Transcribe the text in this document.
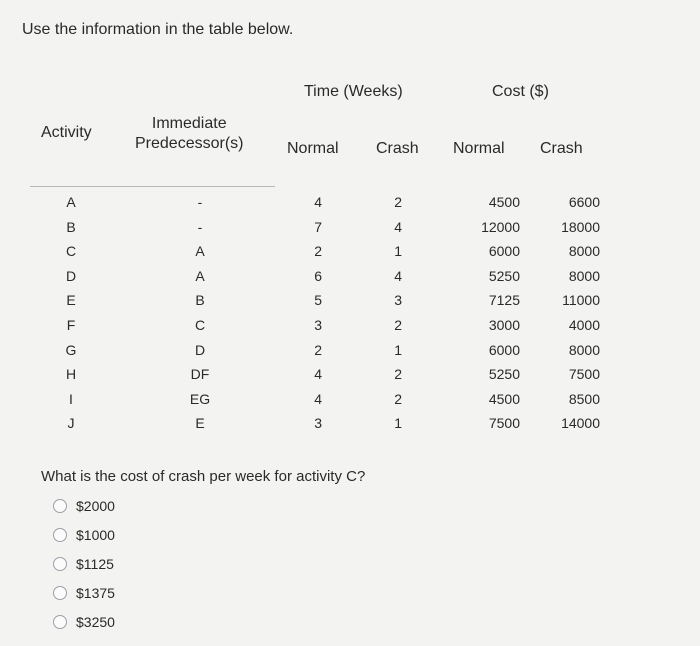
Use the information in the table below.
Time (Weeks)	Cost ($)
Activity
Immediate
Predecessor(s)	Normal Crash Normal Crash
A	-	4	2	4500	6600
B	-	7	4	12000	18000
C	A	2	1	6000	8000
D	A	6	4	5250	8000
E	B	5	3	7125	11000
F	C	3	2	3000	4000
G	D	2	1	6000	8000
H	DF	4	2	5250	7500
I	EG	4	2	4500	8500
J	E	3	1	7500	14000
What is the cost of crash per week for activity C?
$2000
$1000
$1125
$1375
$3250
